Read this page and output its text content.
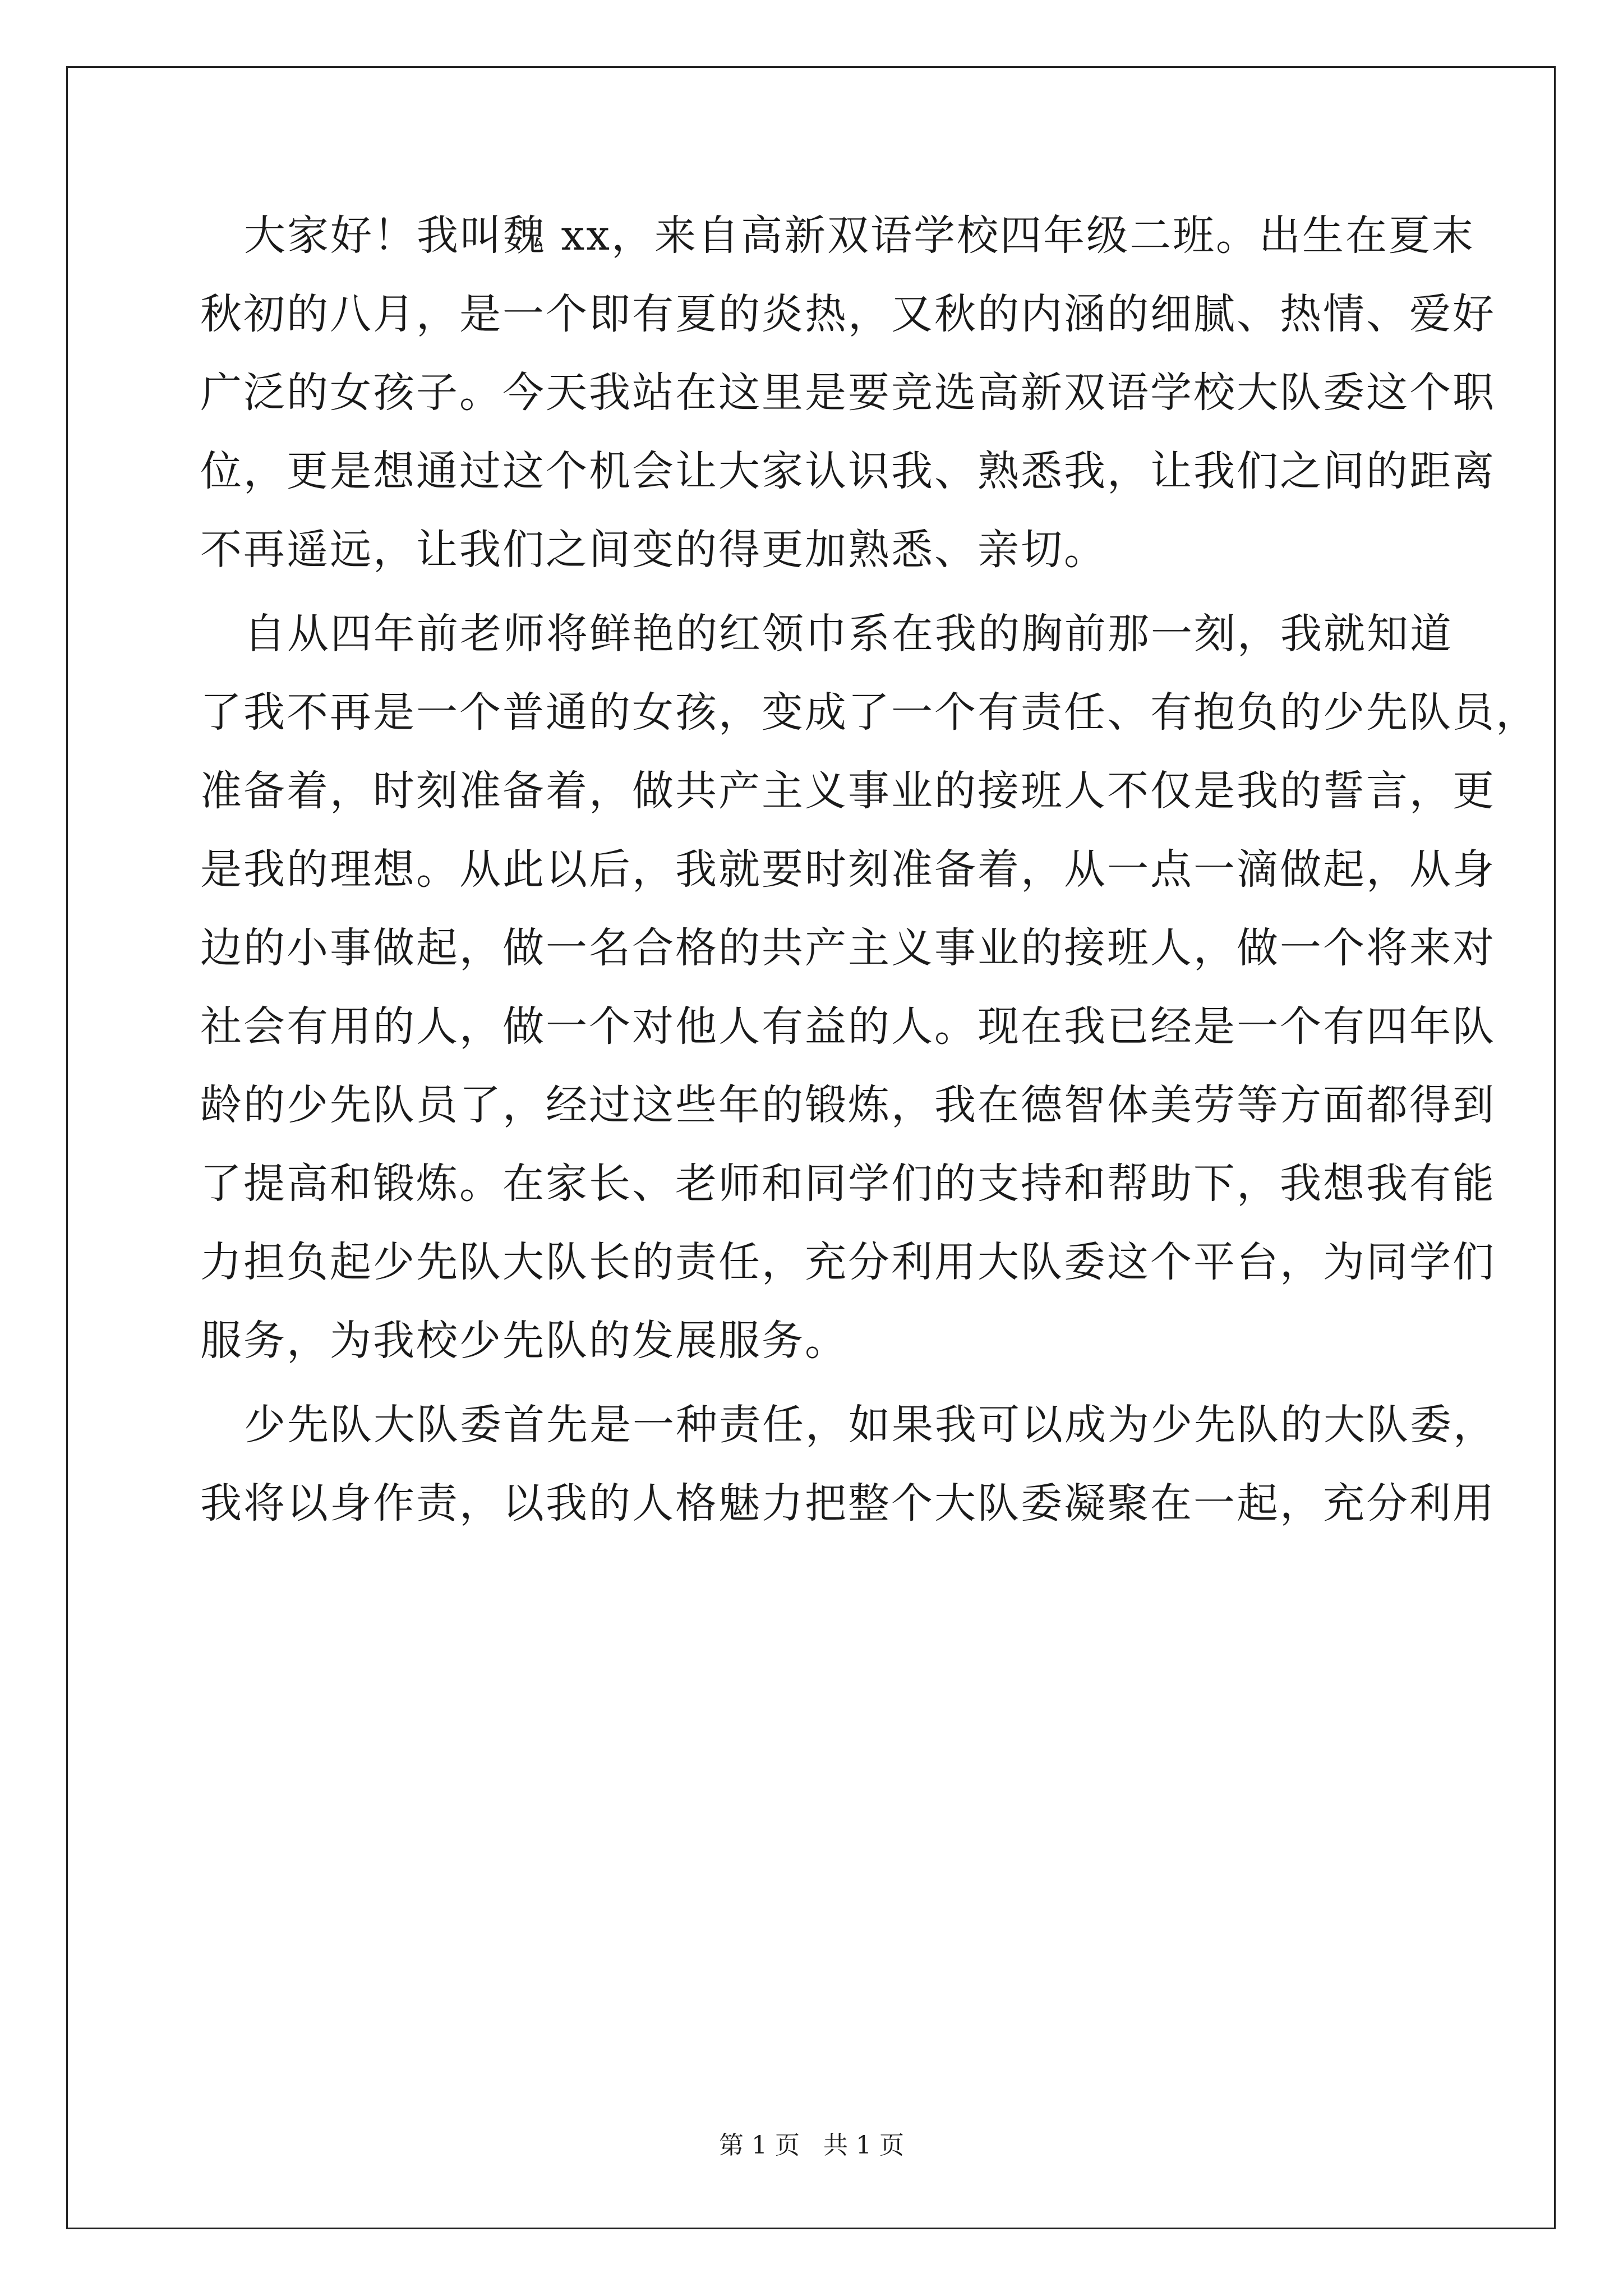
大家好！我叫魏 xx，来自高新双语学校四年级二班。出生在夏末
秋初的八月，是一个即有夏的炎热，又秋的内涵的细腻、热情、爱好
广泛的女孩子。今天我站在这里是要竞选高新双语学校大队委这个职
位，更是想通过这个机会让大家认识我、熟悉我，让我们之间的距离
不再遥远，让我们之间变的得更加熟悉、亲切。
自从四年前老师将鲜艳的红领巾系在我的胸前那一刻，我就知道
了我不再是一个普通的女孩，变成了一个有责任、有抱负的少先队员，
准备着，时刻准备着，做共产主义事业的接班人不仅是我的誓言，更
是我的理想。从此以后，我就要时刻准备着，从一点一滴做起，从身
边的小事做起，做一名合格的共产主义事业的接班人，做一个将来对
社会有用的人，做一个对他人有益的人。现在我已经是一个有四年队
龄的少先队员了，经过这些年的锻炼，我在德智体美劳等方面都得到
了提高和锻炼。在家长、老师和同学们的支持和帮助下，我想我有能
力担负起少先队大队长的责任，充分利用大队委这个平台，为同学们
服务，为我校少先队的发展服务。
少先队大队委首先是一种责任，如果我可以成为少先队的大队委，
我将以身作责，以我的人格魅力把整个大队委凝聚在一起，充分利用
第 1 页   共 1 页
